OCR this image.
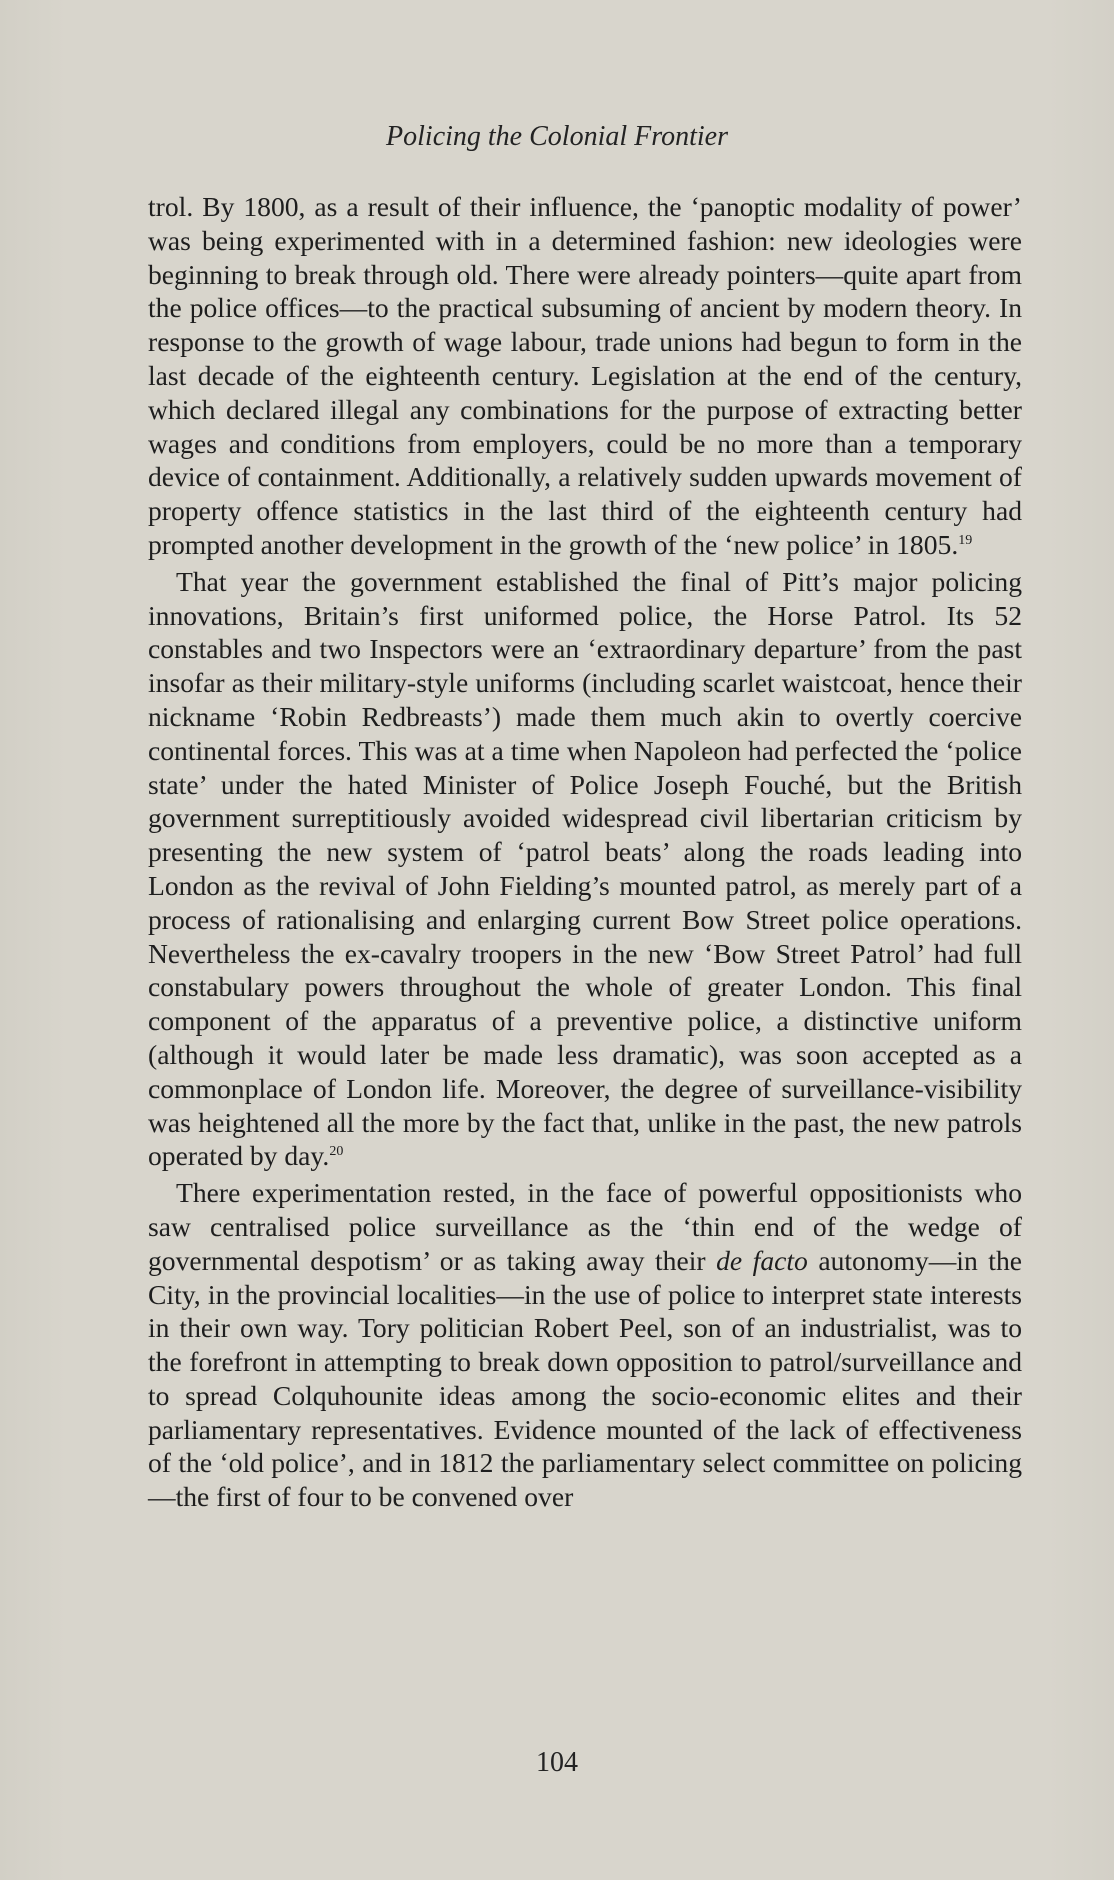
Policing the Colonial Frontier

trol. By 1800, as a result of their influence, the ‘panoptic modality of power’ was being experimented with in a determined fashion: new ideologies were beginning to break through old. There were already pointers—quite apart from the police offices—to the practical subsuming of ancient by modern theory. In response to the growth of wage labour, trade unions had begun to form in the last decade of the eighteenth century. Legislation at the end of the century, which declared illegal any combinations for the purpose of extracting better wages and conditions from employers, could be no more than a temporary device of containment. Additionally, a relatively sudden upwards movement of property offence statistics in the last third of the eighteenth century had prompted another development in the growth of the ‘new police’ in 1805.19

That year the government established the final of Pitt’s major policing innovations, Britain’s first uniformed police, the Horse Patrol. Its 52 constables and two Inspectors were an ‘extraordinary departure’ from the past insofar as their military-style uniforms (including scarlet waistcoat, hence their nickname ‘Robin Redbreasts’) made them much akin to overtly coercive continental forces. This was at a time when Napoleon had perfected the ‘police state’ under the hated Minister of Police Joseph Fouché, but the British government surreptitiously avoided widespread civil libertarian criticism by presenting the new system of ‘patrol beats’ along the roads leading into London as the revival of John Fielding’s mounted patrol, as merely part of a process of rationalising and enlarging current Bow Street police operations. Nevertheless the ex-cavalry troopers in the new ‘Bow Street Patrol’ had full constabulary powers throughout the whole of greater London. This final component of the apparatus of a preventive police, a distinctive uniform (although it would later be made less dramatic), was soon accepted as a commonplace of London life. Moreover, the degree of surveillance-visibility was heightened all the more by the fact that, unlike in the past, the new patrols operated by day.$^{20}$

There experimentation rested, in the face of powerful oppositionists who saw centralised police surveillance as the ‘thin end of the wedge of governmental despotism’ or as taking away their de facto autonomy—in the City, in the provincial localities—in the use of police to interpret state interests in their own way. Tory politician Robert Peel, son of an industrialist, was to the forefront in attempting to break down opposition to patrol/surveillance and to spread Colquhounite ideas among the socio-economic elites and their parliamentary representatives. Evidence mounted of the lack of effectiveness of the ‘old police’, and in 1812 the parliamentary select committee on policing—the first of four to be convened over

104
